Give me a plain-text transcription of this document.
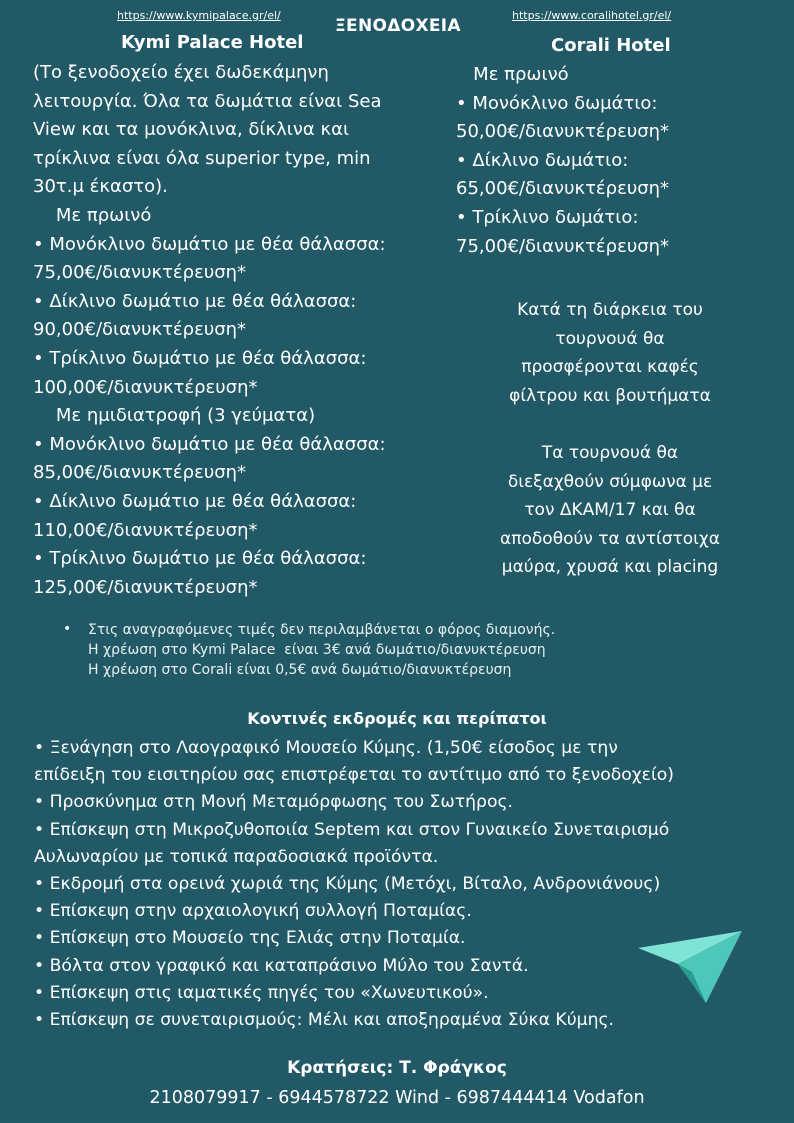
https://www.kymipalace.gr/el/
ΞΕΝΟΔΟΧΕΙΑ
https://www.coralihotel.gr/el/
Kymi Palace Hotel
(Το ξενοδοχείο έχει δωδεκάμηνη
λειτουργία. Όλα τα δωμάτια είναι Sea
View και τα μονόκλινα, δίκλινα και
τρίκλινα είναι όλα superior type, min
30τ.μ έκαστο).
Με πρωινό
• Μονόκλινο δωμάτιο με θέα θάλασσα:
75,00€/διανυκτέρευση*
• Δίκλινο δωμάτιο με θέα θάλασσα:
90,00€/διανυκτέρευση*
• Τρίκλινο δωμάτιο με θέα θάλασσα:
100,00€/διανυκτέρευση*
Με ημιδιατροφή (3 γεύματα)
• Μονόκλινο δωμάτιο με θέα θάλασσα:
85,00€/διανυκτέρευση*
• Δίκλινο δωμάτιο με θέα θάλασσα:
110,00€/διανυκτέρευση*
• Τρίκλινο δωμάτιο με θέα θάλασσα:
125,00€/διανυκτέρευση*
Corali Hotel
Με πρωινό
• Μονόκλινο δωμάτιο:
50,00€/διανυκτέρευση*
• Δίκλινο δωμάτιο:
65,00€/διανυκτέρευση*
• Τρίκλινο δωμάτιο:
75,00€/διανυκτέρευση*
Κατά τη διάρκεια του
τουρνουά θα
προσφέρονται καφές
φίλτρου και βουτήματα
Τα τουρνουά θα
διεξαχθούν σύμφωνα με
τον ΔΚΑΜ/17 και θα
αποδοθούν τα αντίστοιχα
μαύρα, χρυσά και placing
• Στις αναγραφόμενες τιμές δεν περιλαμβάνεται ο φόρος διαμονής.
Η χρέωση στο Kymi Palace  είναι 3€ ανά δωμάτιο/διανυκτέρευση
Η χρέωση στο Corali είναι 0,5€ ανά δωμάτιο/διανυκτέρευση
Κοντινές εκδρομές και περίπατοι
• Ξενάγηση στο Λαογραφικό Μουσείο Κύμης. (1,50€ είσοδος με την
επίδειξη του εισιτηρίου σας επιστρέφεται το αντίτιμο από το ξενοδοχείο)
• Προσκύνημα στη Μονή Μεταμόρφωσης του Σωτήρος.
• Επίσκεψη στη Μικροζυθοποιία Septem και στον Γυναικείο Συνεταιρισμό
Αυλωναρίου με τοπικά παραδοσιακά προϊόντα.
• Εκδρομή στα ορεινά χωριά της Κύμης (Μετόχι, Βίταλο, Ανδρονιάνους)
• Επίσκεψη στην αρχαιολογική συλλογή Ποταμίας.
• Επίσκεψη στο Μουσείο της Ελιάς στην Ποταμία.
• Βόλτα στον γραφικό και καταπράσινο Μύλο του Σαντά.
• Επίσκεψη στις ιαματικές πηγές του «Χωνευτικού».
• Επίσκεψη σε συνεταιρισμούς: Μέλι και αποξηραμένα Σύκα Κύμης.
Κρατήσεις: Τ. Φράγκος
2108079917 - 6944578722 Wind - 6987444414 Vodafon
